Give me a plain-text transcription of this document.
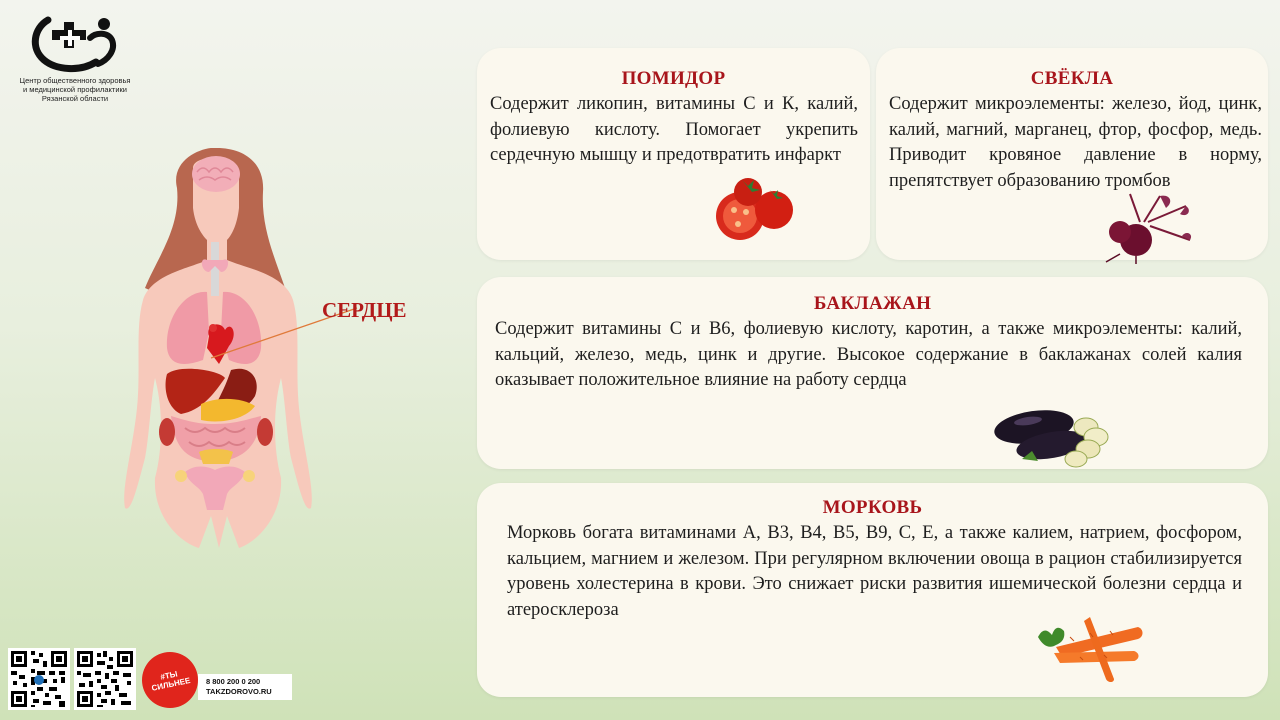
Центр общественного здоровья
и медицинской профилактики
Рязанской области
СЕРДЦЕ
ПОМИДОР
Содержит ликопин, витамины С и К, калий, фолиевую кислоту. Помогает укрепить сердечную мышцу и предотвратить инфаркт
СВЁКЛА
Содержит микроэлементы: железо, йод, цинк, калий, магний, марганец, фтор, фосфор, медь. Приводит кровяное давление в норму, препятствует образованию тромбов
БАКЛАЖАН
Содержит витамины С и В6, фолиевую кислоту, каротин, а также микроэлементы: калий, кальций, железо, медь, цинк и другие. Высокое содержание в баклажанах солей калия оказывает положительное влияние на работу сердца
МОРКОВЬ
Морковь богата витаминами А, В3, В4, В5, В9, С, Е, а также калием, натрием, фосфором, кальцием, магнием и железом. При регулярном включении овоща в рацион стабилизируется уровень холестерина в крови. Это снижает риски развития ишемической болезни сердца и атеросклероза
#ТЫ СИЛЬНЕЕ	8 800 200 0 200
TAKZDOROVO.RU
